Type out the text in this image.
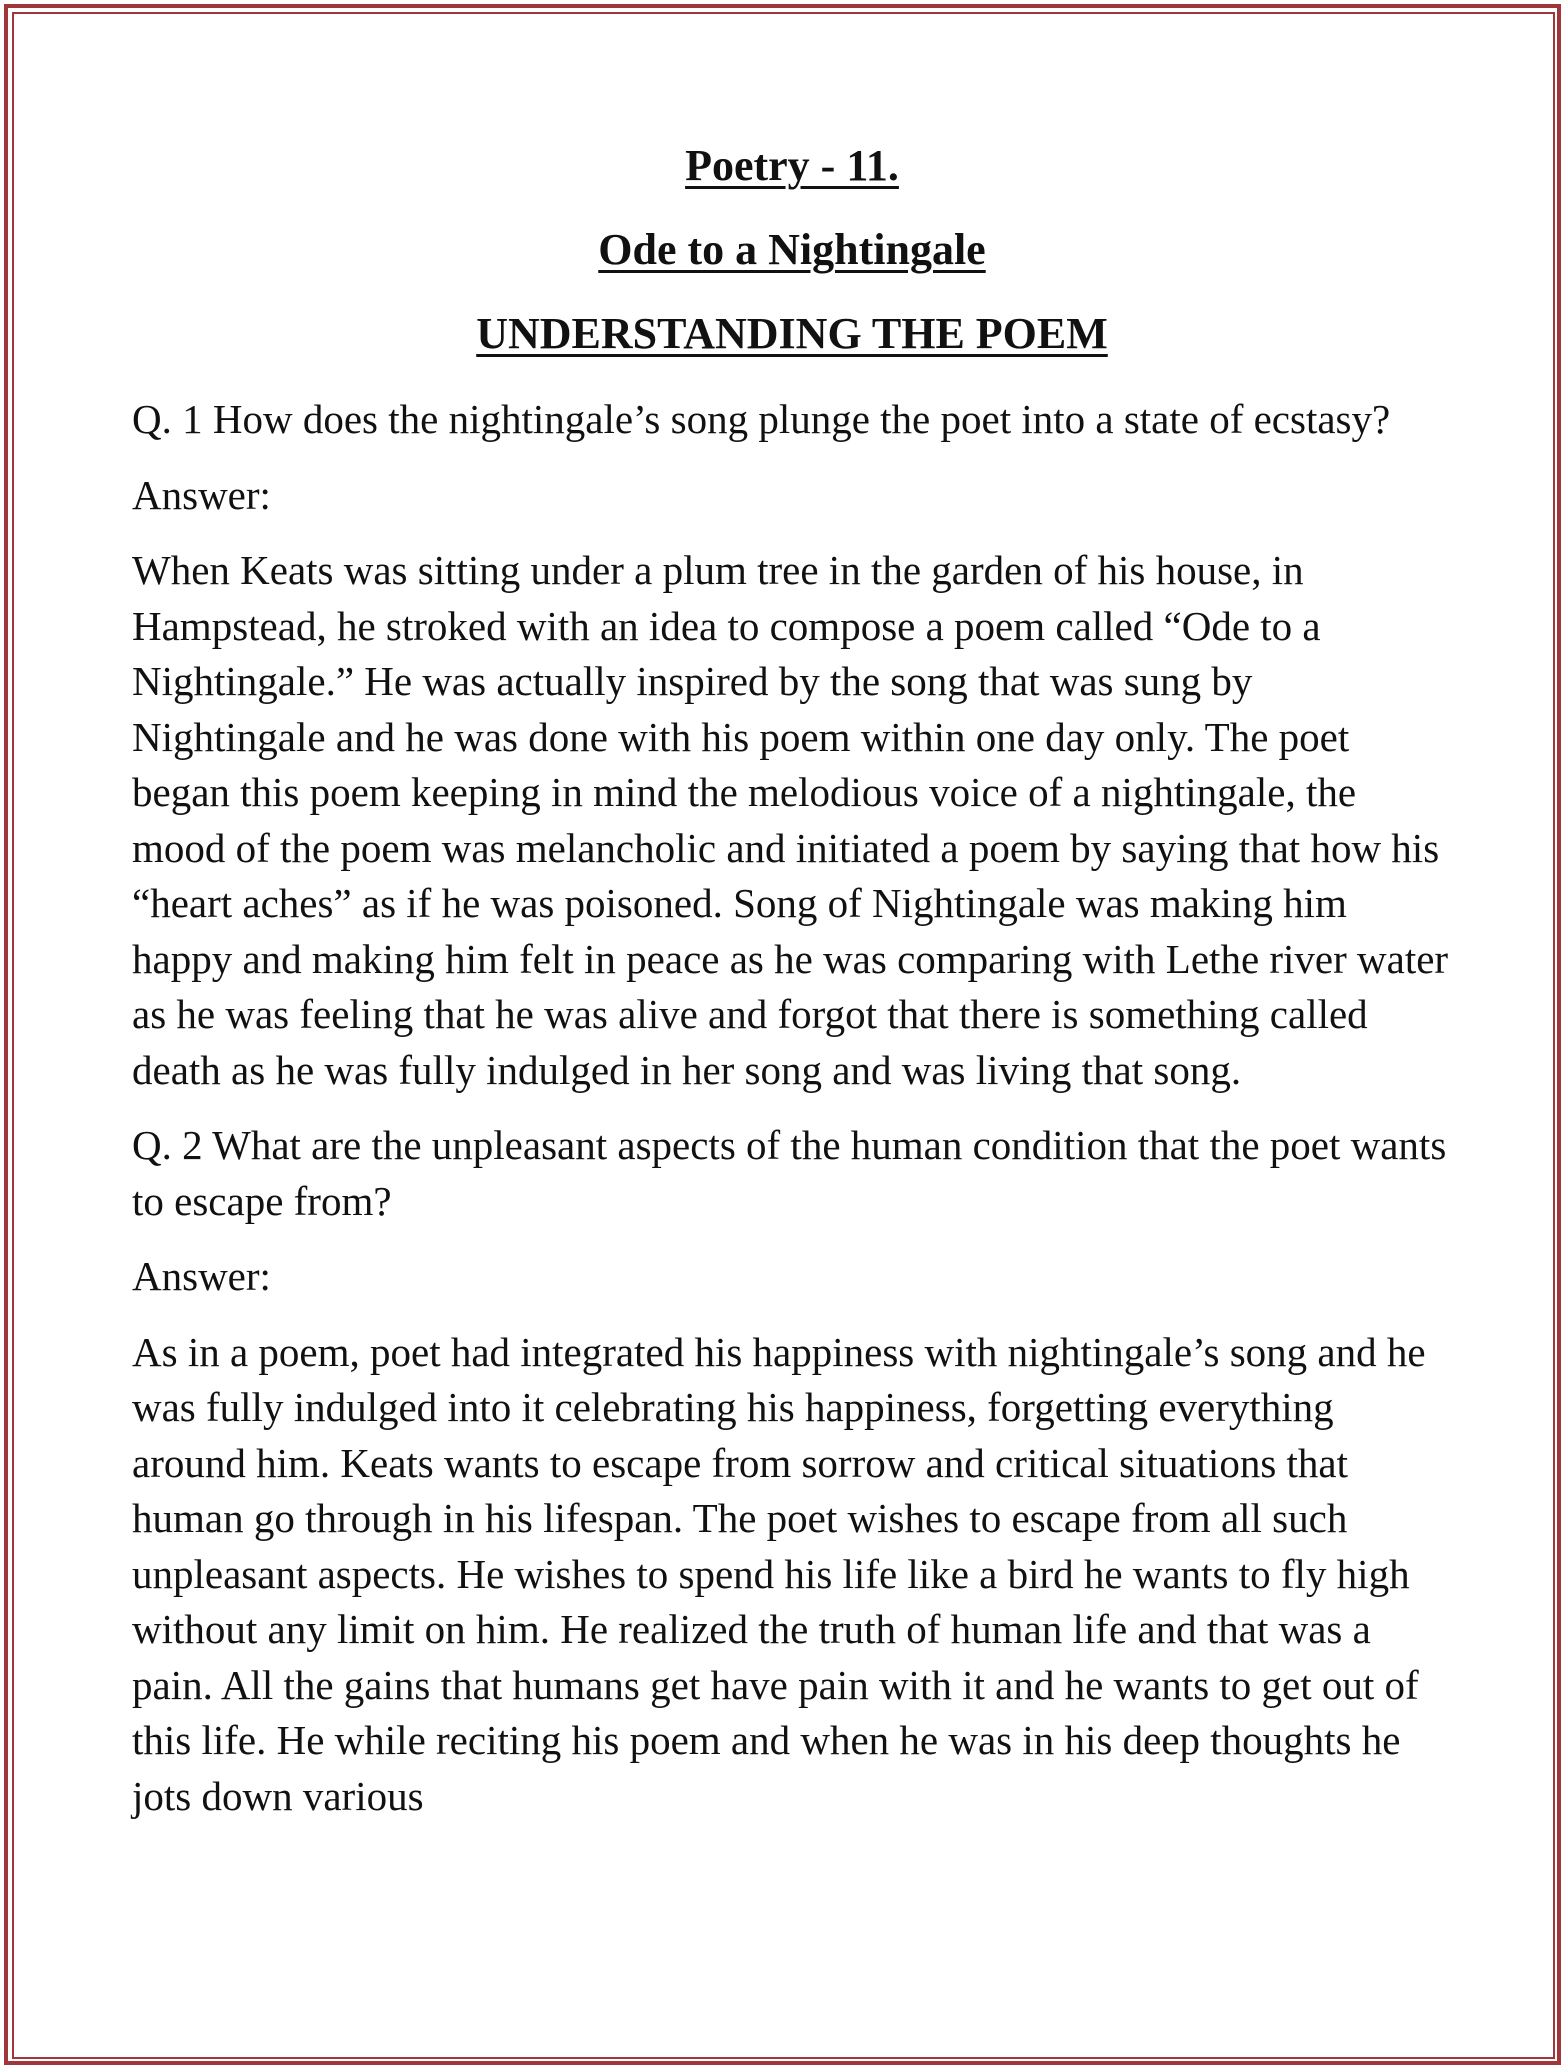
Poetry - 11.

Ode to a Nightingale

UNDERSTANDING THE POEM

Q. 1 How does the nightingale’s song plunge the poet into a state of ecstasy?

Answer:

When Keats was sitting under a plum tree in the garden of his house, in Hampstead, he stroked with an idea to compose a poem called “Ode to a Nightingale.” He was actually inspired by the song that was sung by Nightingale and he was done with his poem within one day only. The poet began this poem keeping in mind the melodious voice of a nightingale, the mood of the poem was melancholic and initiated a poem by saying that how his “heart aches” as if he was poisoned. Song of Nightingale was making him happy and making him felt in peace as he was comparing with Lethe river water as he was feeling that he was alive and forgot that there is something called death as he was fully indulged in her song and was living that song.

Q. 2 What are the unpleasant aspects of the human condition that the poet wants to escape from?

Answer:

As in a poem, poet had integrated his happiness with nightingale’s song and he was fully indulged into it celebrating his happiness, forgetting everything around him. Keats wants to escape from sorrow and critical situations that human go through in his lifespan. The poet wishes to escape from all such unpleasant aspects. He wishes to spend his life like a bird he wants to fly high without any limit on him. He realized the truth of human life and that was a pain. All the gains that humans get have pain with it and he wants to get out of this life. He while reciting his poem and when he was in his deep thoughts he jots down various
